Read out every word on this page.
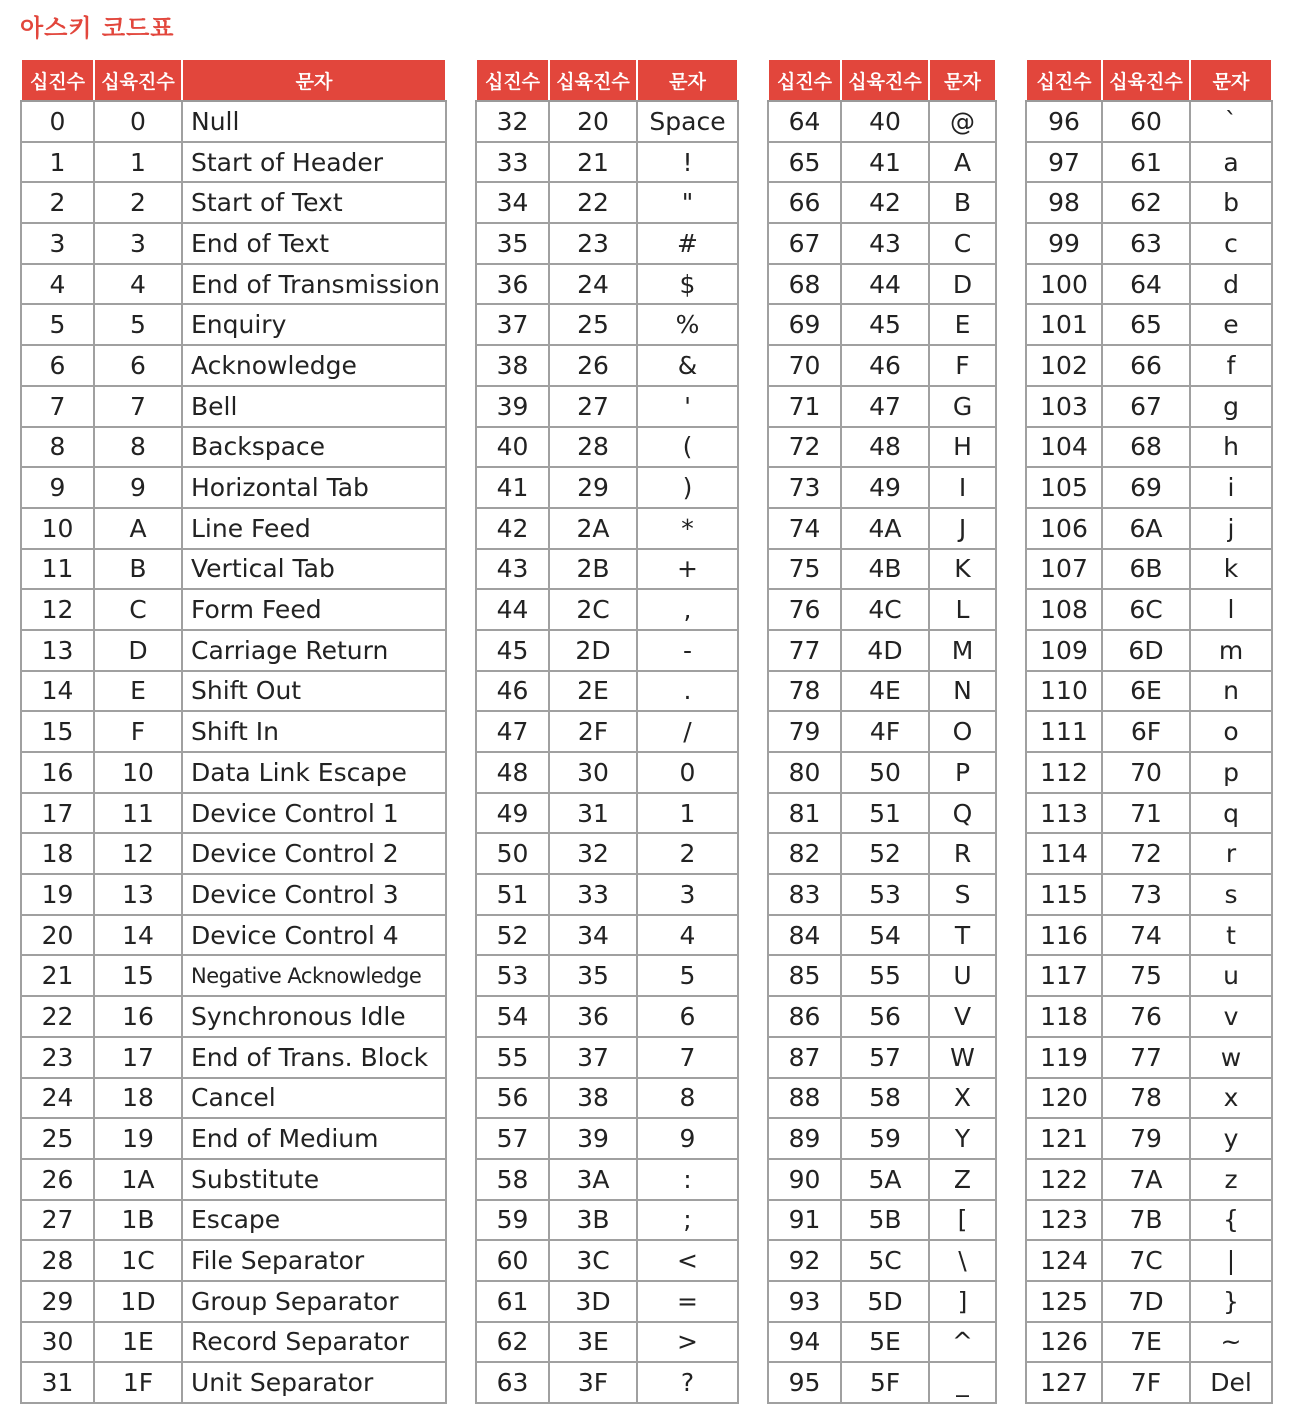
아스키 코드표
십진수	십육진수	문자
0	0	Null
1	1	Start of Header
2	2	Start of Text
3	3	End of Text
4	4	End of Transmission
5	5	Enquiry
6	6	Acknowledge
7	7	Bell
8	8	Backspace
9	9	Horizontal Tab
10	A	Line Feed
11	B	Vertical Tab
12	C	Form Feed
13	D	Carriage Return
14	E	Shift Out
15	F	Shift In
16	10	Data Link Escape
17	11	Device Control 1
18	12	Device Control 2
19	13	Device Control 3
20	14	Device Control 4
21	15	Negative Acknowledge
22	16	Synchronous Idle
23	17	End of Trans. Block
24	18	Cancel
25	19	End of Medium
26	1A	Substitute
27	1B	Escape
28	1C	File Separator
29	1D	Group Separator
30	1E	Record Separator
31	1F	Unit Separator
십진수	십육진수	문자
32	20	Space
33	21	!
34	22	"
35	23	#
36	24	$
37	25	%
38	26	&
39	27	'
40	28	(
41	29	)
42	2A	*
43	2B	+
44	2C	,
45	2D	-
46	2E	.
47	2F	/
48	30	0
49	31	1
50	32	2
51	33	3
52	34	4
53	35	5
54	36	6
55	37	7
56	38	8
57	39	9
58	3A	:
59	3B	;
60	3C	<
61	3D	=
62	3E	>
63	3F	?
십진수	십육진수	문자
64	40	@
65	41	A
66	42	B
67	43	C
68	44	D
69	45	E
70	46	F
71	47	G
72	48	H
73	49	I
74	4A	J
75	4B	K
76	4C	L
77	4D	M
78	4E	N
79	4F	O
80	50	P
81	51	Q
82	52	R
83	53	S
84	54	T
85	55	U
86	56	V
87	57	W
88	58	X
89	59	Y
90	5A	Z
91	5B	[
92	5C	\
93	5D	]
94	5E	^
95	5F	_
십진수	십육진수	문자
96	60	`
97	61	a
98	62	b
99	63	c
100	64	d
101	65	e
102	66	f
103	67	g
104	68	h
105	69	i
106	6A	j
107	6B	k
108	6C	l
109	6D	m
110	6E	n
111	6F	o
112	70	p
113	71	q
114	72	r
115	73	s
116	74	t
117	75	u
118	76	v
119	77	w
120	78	x
121	79	y
122	7A	z
123	7B	{
124	7C	|
125	7D	}
126	7E	~
127	7F	Del
